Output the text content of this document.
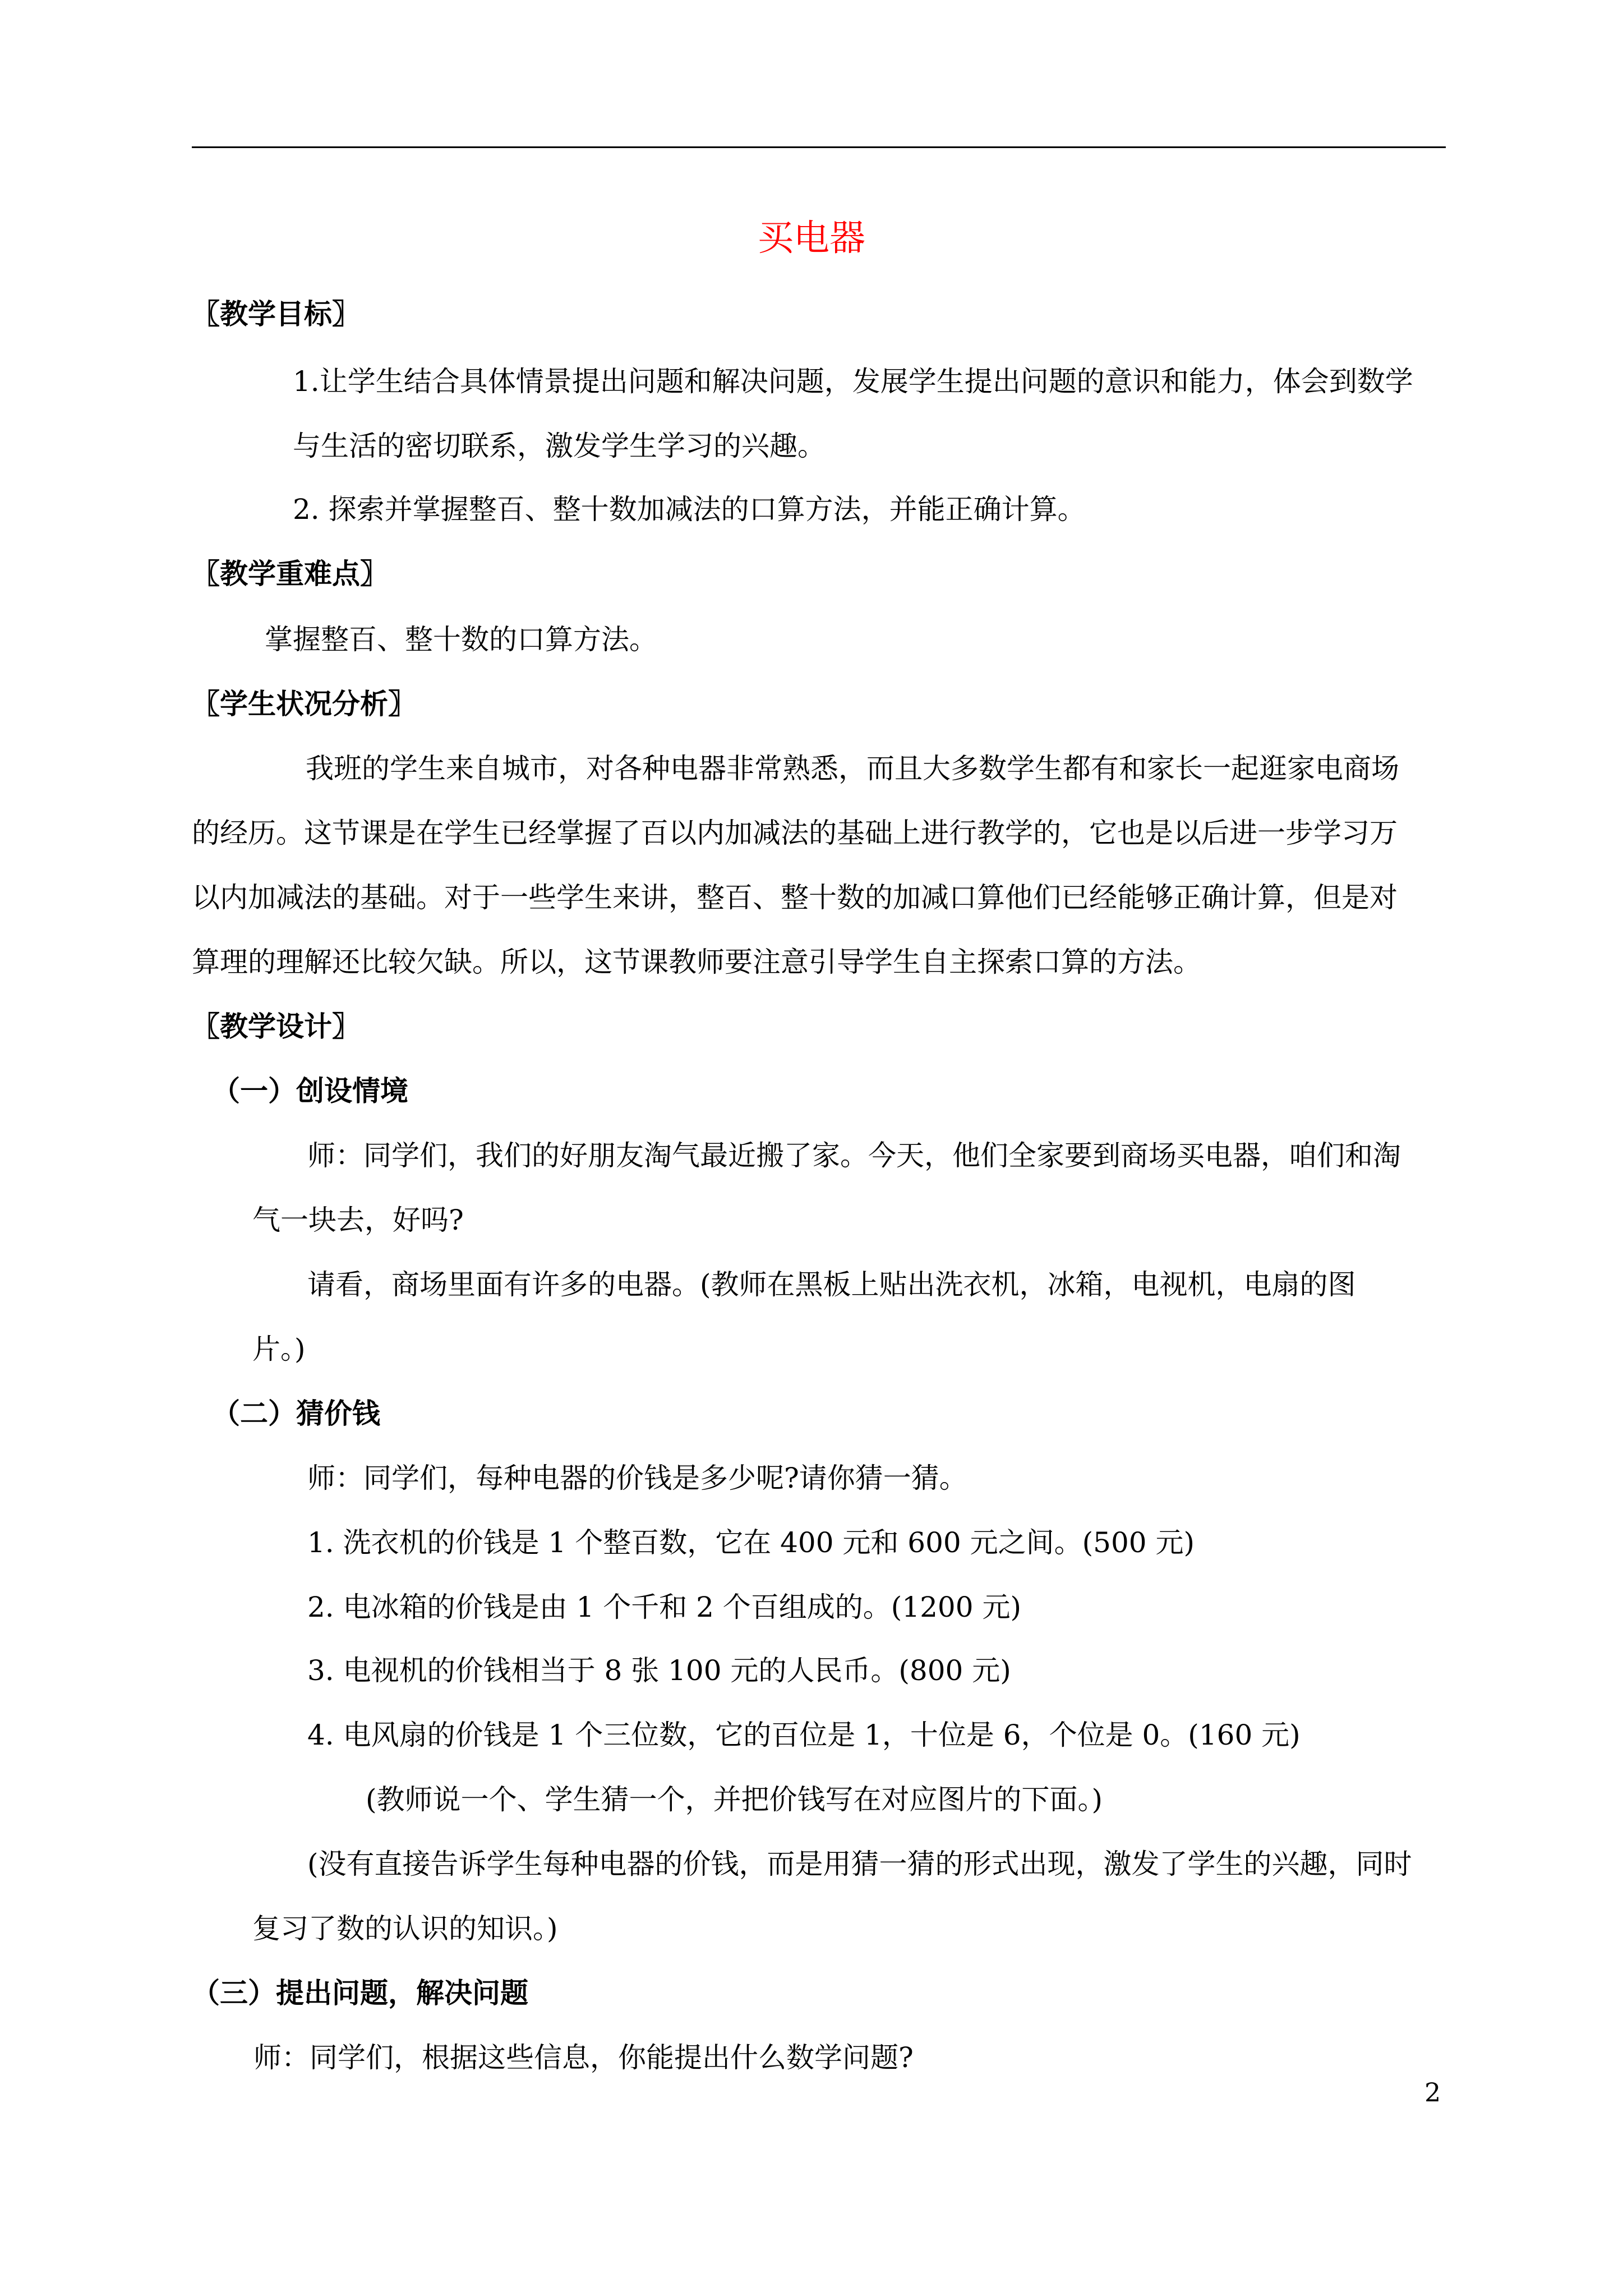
买电器
〖教学目标〗
1.让学生结合具体情景提出问题和解决问题，发展学生提出问题的意识和能力，体会到数学
与生活的密切联系，激发学生学习的兴趣。
2. 探索并掌握整百、整十数加减法的口算方法，并能正确计算。
〖教学重难点〗
掌握整百、整十数的口算方法。
〖学生状况分析〗
我班的学生来自城市，对各种电器非常熟悉，而且大多数学生都有和家长一起逛家电商场
的经历。这节课是在学生已经掌握了百以内加减法的基础上进行教学的，它也是以后进一步学习万
以内加减法的基础。对于一些学生来讲，整百、整十数的加减口算他们已经能够正确计算，但是对
算理的理解还比较欠缺。所以，这节课教师要注意引导学生自主探索口算的方法。
〖教学设计〗
（一）创设情境
师：同学们，我们的好朋友淘气最近搬了家。今天，他们全家要到商场买电器，咱们和淘
气一块去，好吗?
请看，商场里面有许多的电器。(教师在黑板上贴出洗衣机，冰箱，电视机，电扇的图
片。)
（二）猜价钱
师：同学们，每种电器的价钱是多少呢?请你猜一猜。
1. 洗衣机的价钱是 1 个整百数，它在 400 元和 600 元之间。(500 元)
2. 电冰箱的价钱是由 1 个千和 2 个百组成的。(1200 元)
3. 电视机的价钱相当于 8 张 100 元的人民币。(800 元)
4. 电风扇的价钱是 1 个三位数，它的百位是 1，十位是 6，个位是 0。(160 元)
(教师说一个、学生猜一个，并把价钱写在对应图片的下面。)
(没有直接告诉学生每种电器的价钱，而是用猜一猜的形式出现，激发了学生的兴趣，同时
复习了数的认识的知识。)
（三）提出问题，解决问题
师：同学们，根据这些信息，你能提出什么数学问题?
2
